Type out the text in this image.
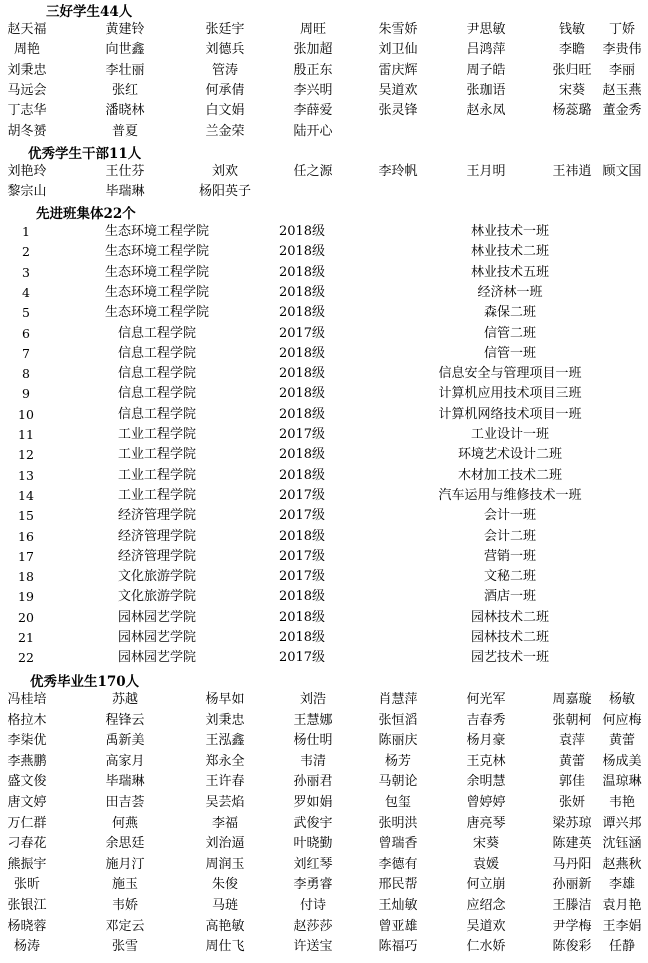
三好学生44人
赵天福	黄建铃	张廷宇	周旺	朱雪娇	尹思敏	钱敏 丁娇
周艳	向世鑫	刘德兵	张加超	刘卫仙	吕鸿萍	李瞻 李贵伟
刘秉忠	李壮丽	管涛	殷正东	雷庆辉	周子皓	张归旺 李丽
马远会	张红	何承倩	李兴明	吴道欢	张珈语	宋葵 赵玉燕
丁志华	潘晓林	白文娟	李薛爱	张灵锋	赵永凤	杨蕊璐 董金秀
胡冬赟	普夏	兰金荣	陆开心
优秀学生干部11人
刘艳玲	王仕芬	刘欢	任之源	李玲帆	王月明	王祎逍 顾文国
黎宗山	毕瑞琳	杨阳英子
先进班集体22个
1	生态环境工程学院	2018级	林业技术一班
2	生态环境工程学院	2018级	林业技术二班
3	生态环境工程学院	2018级	林业技术五班
4	生态环境工程学院	2018级	经济林一班
5	生态环境工程学院	2018级	森保二班
6	信息工程学院	2017级	信管二班
7	信息工程学院	2018级	信管一班
8	信息工程学院	2018级	信息安全与管理项目一班
9	信息工程学院	2018级	计算机应用技术项目三班
10	信息工程学院	2018级	计算机网络技术项目一班
11	工业工程学院	2017级	工业设计一班
12	工业工程学院	2018级	环境艺术设计二班
13	工业工程学院	2018级	木材加工技术二班
14	工业工程学院	2017级	汽车运用与维修技术一班
15	经济管理学院	2017级	会计一班
16	经济管理学院	2018级	会计二班
17	经济管理学院	2017级	营销一班
18	文化旅游学院	2017级	文秘二班
19	文化旅游学院	2018级	酒店一班
20	园林园艺学院	2018级	园林技术二班
21	园林园艺学院	2018级	园林技术二班
22	园林园艺学院	2017级	园艺技术一班
优秀毕业生170人
冯桂培	苏越	杨早如	刘浩	肖慧萍	何光军	周嘉璇 杨敏
格拉木	程锋云	刘秉忠	王慧娜	张恒滔	吉春秀	张朝柯 何应梅
李柒优	禹新美	王泓鑫	杨仕明	陈丽庆	杨月豪	袁萍 黄蕾
李燕鹏	高家月	郑永全	韦清	杨芳	王克林	黄蕾 杨成美
盛文俊	毕瑞琳	王许春	孙丽君	马朝论	余明慧	郭佳 温琼琳
唐文婷	田吉荟	吴芸焰	罗如娟	包玺	曾婷婷	张妍 韦艳
万仁群	何燕	李福	武俊宇	张明洪	唐亮琴	梁苏琼 谭兴邦
刁春花	余思廷	刘治逼	叶晓勤	曾瑞香	宋葵	陈建英 沈钰涵
熊振宇	施月汀	周润玉	刘红琴	李德有	袁媛	马丹阳 赵燕秋
张昕	施玉	朱俊	李勇睿	邢民帮	何立崩	孙丽新 李雄
张银江	韦娇	马琏	付诗	王灿敏	应绍念	王滕洁 袁月艳
杨晓蓉	邓定云	高艳敏	赵莎莎	曾亚雄	吴道欢	尹学梅 王李娟
杨涛	张雪	周仕飞	许送宝	陈福巧	仁水娇	陈俊彩 任静
